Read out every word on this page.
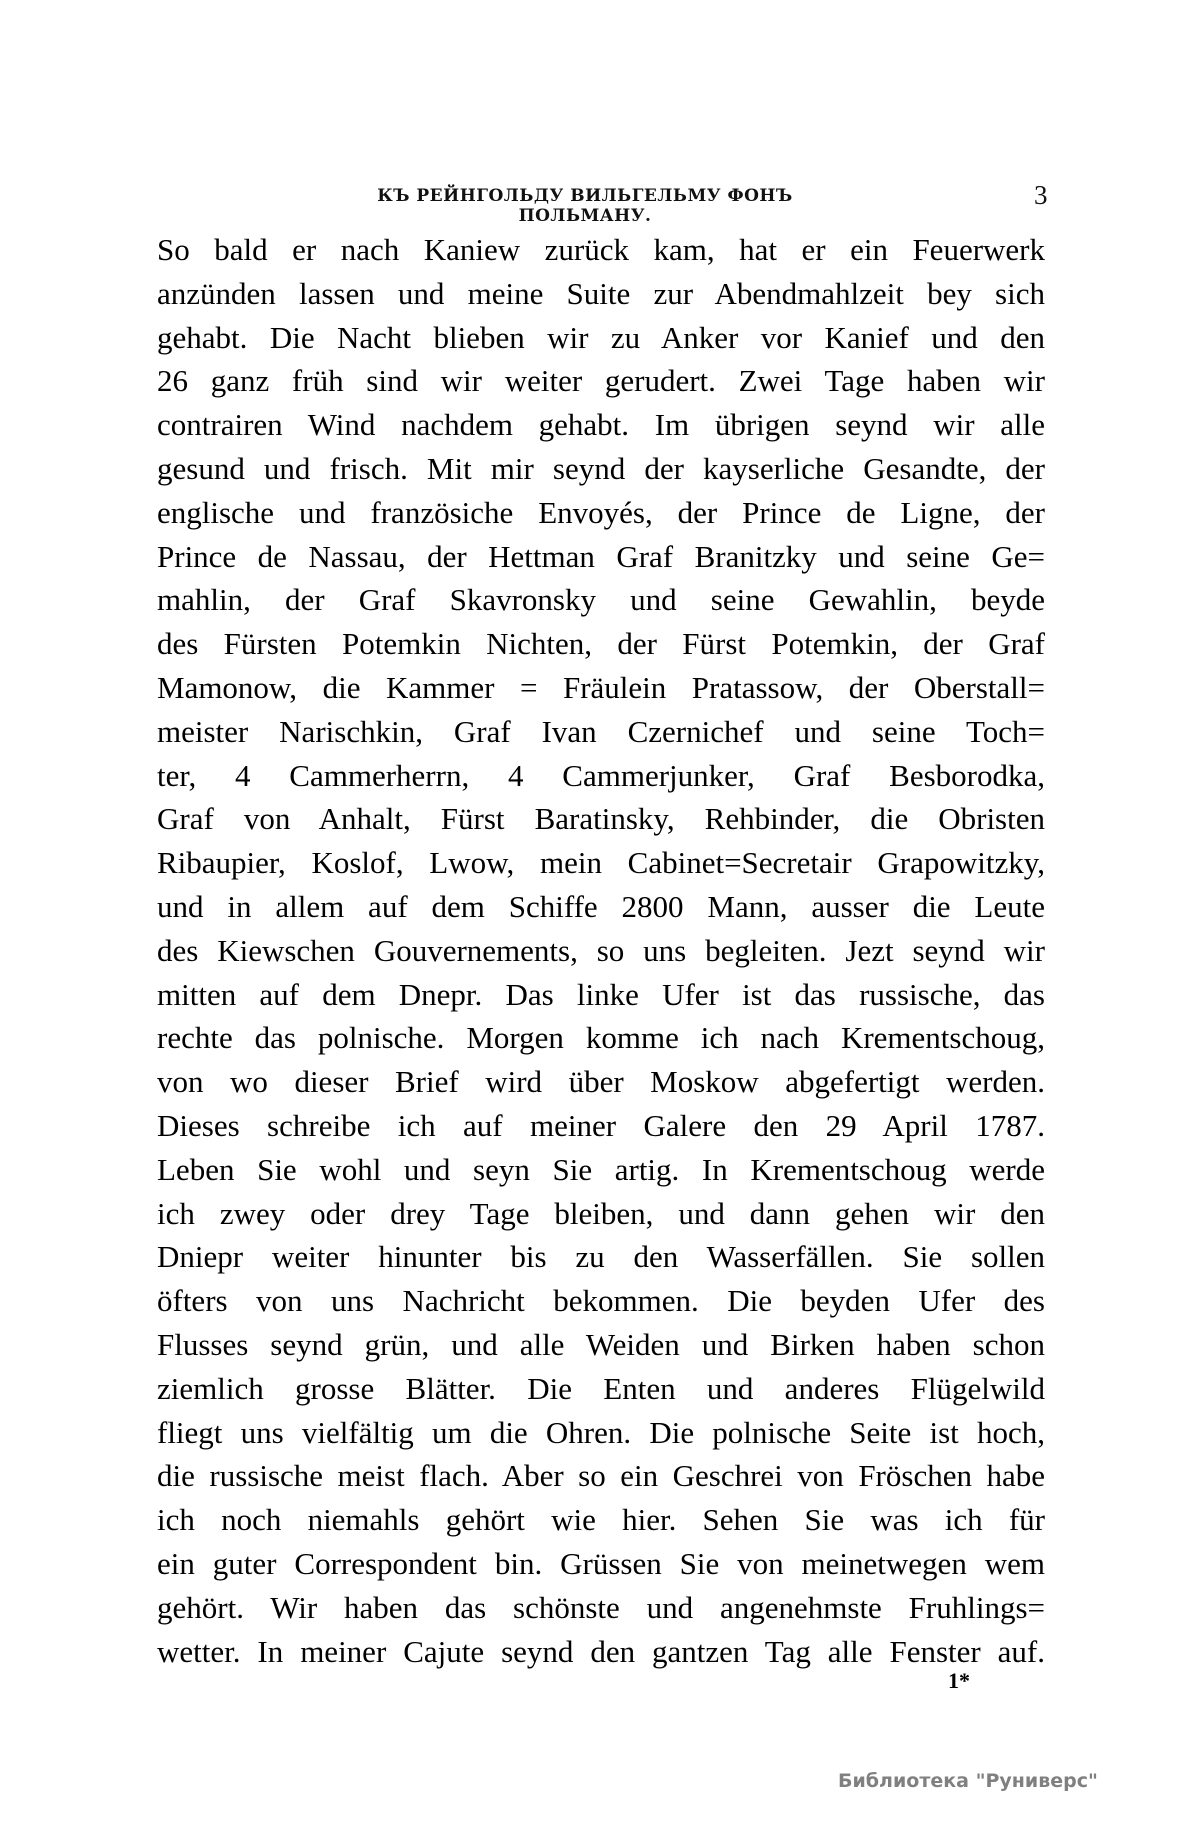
КЪ РЕЙНГОЛЬДУ ВИЛЬГЕЛЬМУ ФОНЪ ПОЛЬМАНУ.
3
So bald er nach Kaniew zurück kam, hat er ein Feuerwerk
anzünden lassen und meine Suite zur Abendmahlzeit bey sich
gehabt. Die Nacht blieben wir zu Anker vor Kanief und den
26 ganz früh sind wir weiter gerudert. Zwei Tage haben wir
contrairen Wind nachdem gehabt. Im übrigen seynd wir alle
gesund und frisch. Mit mir seynd der kayserliche Gesandte, der
englische und französiche Envoyés, der Prince de Ligne, der
Prince de Nassau, der Hettman Graf Branitzky und seine Ge=
mahlin, der Graf Skavronsky und seine Gewahlin, beyde
des Fürsten Potemkin Nichten, der Fürst Potemkin, der Graf
Mamonow, die Kammer = Fräulein Pratassow, der Oberstall=
meister Narischkin, Graf Ivan Czernichef und seine Toch=
ter, 4 Cammerherrn, 4 Cammerjunker, Graf Besborodka,
Graf von Anhalt, Fürst Baratinsky, Rehbinder, die Obristen
Ribaupier, Koslof, Lwow, mein Cabinet=Secretair Grapowitzky,
und in allem auf dem Schiffe 2800 Mann, ausser die Leute
des Kiewschen Gouvernements, so uns begleiten. Jezt seynd wir
mitten auf dem Dnepr. Das linke Ufer ist das russische, das
rechte das polnische. Morgen komme ich nach Krementschoug,
von wo dieser Brief wird über Moskow abgefertigt werden.
Dieses schreibe ich auf meiner Galere den 29 April 1787.
Leben Sie wohl und seyn Sie artig. In Krementschoug werde
ich zwey oder drey Tage bleiben, und dann gehen wir den
Dniepr weiter hinunter bis zu den Wasserfällen. Sie sollen
öfters von uns Nachricht bekommen. Die beyden Ufer des
Flusses seynd grün, und alle Weiden und Birken haben schon
ziemlich grosse Blätter. Die Enten und anderes Flügelwild
fliegt uns vielfältig um die Ohren. Die polnische Seite ist hoch,
die russische meist flach. Aber so ein Geschrei von Fröschen habe
ich noch niemahls gehört wie hier. Sehen Sie was ich für
ein guter Correspondent bin. Grüssen Sie von meinetwegen wem
gehört. Wir haben das schönste und angenehmste Fruhlings=
wetter. In meiner Cajute seynd den gantzen Tag alle Fenster auf.
1*
Библиотека "Руниверс"
